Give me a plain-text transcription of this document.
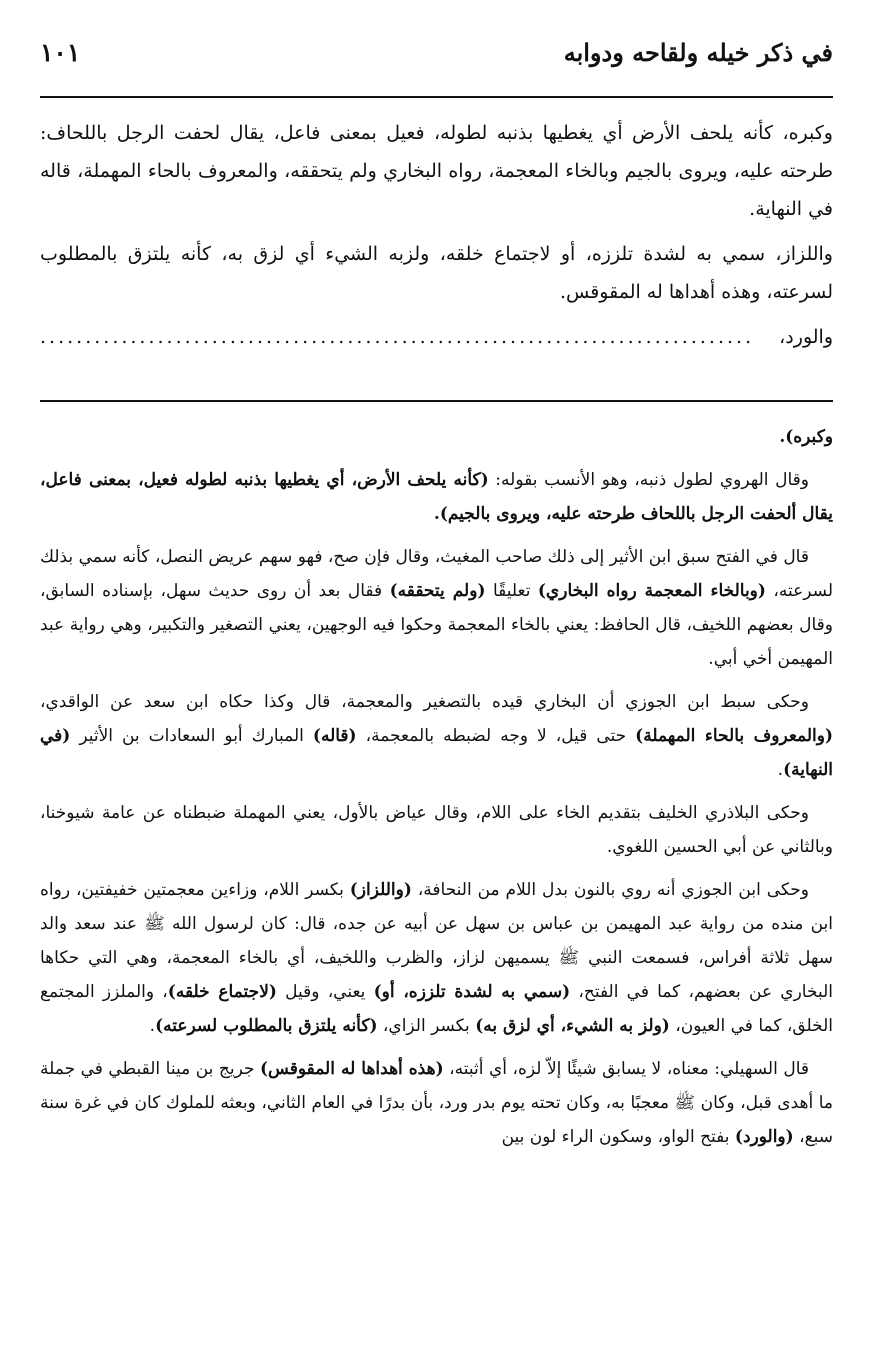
في ذكر خيله ولقاحه ودوابه
١٠١

وكبره، كأنه يلحف الأرض أي يغطيها بذنبه لطوله، فعيل بمعنى فاعل، يقال لحفت الرجل باللحاف: طرحته عليه، ويروى بالجيم وبالخاء المعجمة، رواه البخاري ولم يتحققه، والمعروف بالحاء المهملة، قاله في النهاية.

واللزاز، سمي به لشدة تلززه، أو لاجتماع خلقه، ولزبه الشيء أي لزق به، كأنه يلتزق بالمطلوب لسرعته، وهذه أهداها له المقوقس.

والورد،
...............................................................................

وكبره).

وقال الهروي لطول ذنبه، وهو الأنسب بقوله: (كأنه يلحف الأرض، أي يغطيها بذنبه لطوله فعيل، بمعنى فاعل، يقال ألحفت الرجل باللحاف طرحته عليه، ويروى بالجيم).

قال في الفتح سبق ابن الأثير إلى ذلك صاحب المغيث، وقال فإن صح، فهو سهم عريض النصل، كأنه سمي بذلك لسرعته، (وبالخاء المعجمة رواه البخاري) تعليقًا (ولم يتحققه) فقال بعد أن روى حديث سهل، بإسناده السابق، وقال بعضهم اللخيف، قال الحافظ: يعني بالخاء المعجمة وحكوا فيه الوجهين، يعني التصغير والتكبير، وهي رواية عبد المهيمن أخي أبي.

وحكى سبط ابن الجوزي أن البخاري قيده بالتصغير والمعجمة، قال وكذا حكاه ابن سعد عن الواقدي، (والمعروف بالحاء المهملة) حتى قيل، لا وجه لضبطه بالمعجمة، (قاله) المبارك أبو السعادات بن الأثير (في النهاية).

وحكى البلاذري الخليف بتقديم الخاء على اللام، وقال عياض بالأول، يعني المهملة ضبطناه عن عامة شيوخنا، وبالثاني عن أبي الحسين اللغوي.

وحكى ابن الجوزي أنه روي بالنون بدل اللام من النحافة، (واللزاز) بكسر اللام، وزاءين معجمتين خفيفتين، رواه ابن منده من رواية عبد المهيمن بن عباس بن سهل عن أبيه عن جده، قال: كان لرسول الله ﷺ عند سعد والد سهل ثلاثة أفراس، فسمعت النبي ﷺ يسميهن لزاز، والظرب واللخيف، أي بالخاء المعجمة، وهي التي حكاها البخاري عن بعضهم، كما في الفتح، (سمي به لشدة تلززه، أو) يعني، وقيل (لاجتماع خلقه)، والملزز المجتمع الخلق، كما في العيون، (ولز به الشيء، أي لزق به) بكسر الزاي، (كأنه يلتزق بالمطلوب لسرعته).

قال السهيلي: معناه، لا يسابق شيئًا إلاّ لزه، أي أثبته، (هذه أهداها له المقوقس) جريج بن مينا القبطي في جملة ما أهدى قبل، وكان ﷺ معجبًا به، وكان تحته يوم بدر ورد، بأن بدرًا في العام الثاني، وبعثه للملوك كان في غرة سنة سبع، (والورد) بفتح الواو، وسكون الراء لون بين
